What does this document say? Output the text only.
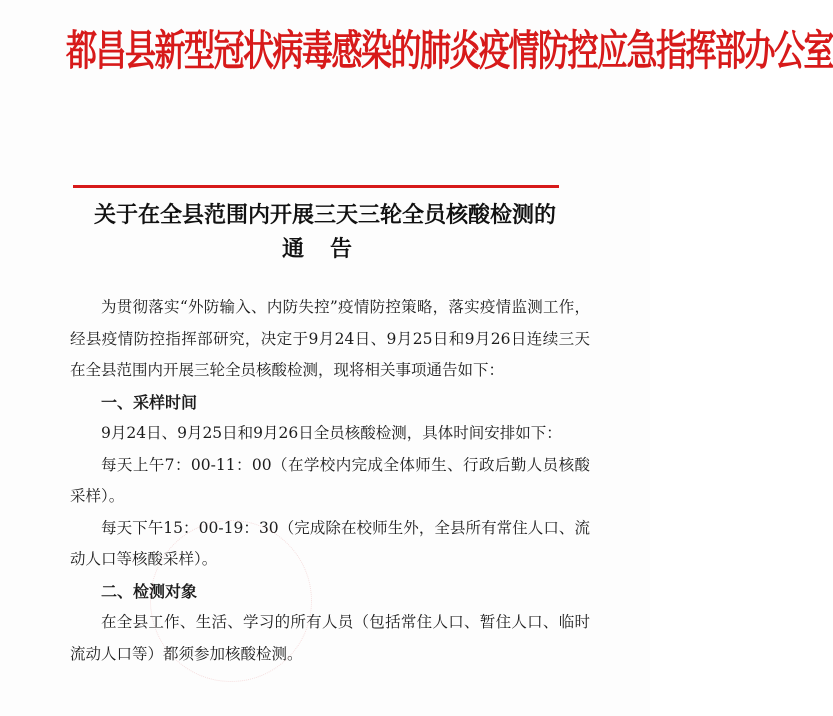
都昌县新型冠状病毒感染的肺炎疫情防控应急指挥部办公室
关于在全县范围内开展三天三轮全员核酸检测的
通告

为贯彻落实“外防输入、内防失控”疫情防控策略，落实疫情监测工作，经县疫情防控指挥部研究，决定于9月24日、9月25日和9月26日连续三天在全县范围内开展三轮全员核酸检测，现将相关事项通告如下：

一、采样时间

9月24日、9月25日和9月26日全员核酸检测，具体时间安排如下：

每天上午7：00-11：00（在学校内完成全体师生、行政后勤人员核酸采样）。

每天下午15：00-19：30（完成除在校师生外，全县所有常住人口、流动人口等核酸采样）。

二、检测对象

在全县工作、生活、学习的所有人员（包括常住人口、暂住人口、临时流动人口等）都须参加核酸检测。
